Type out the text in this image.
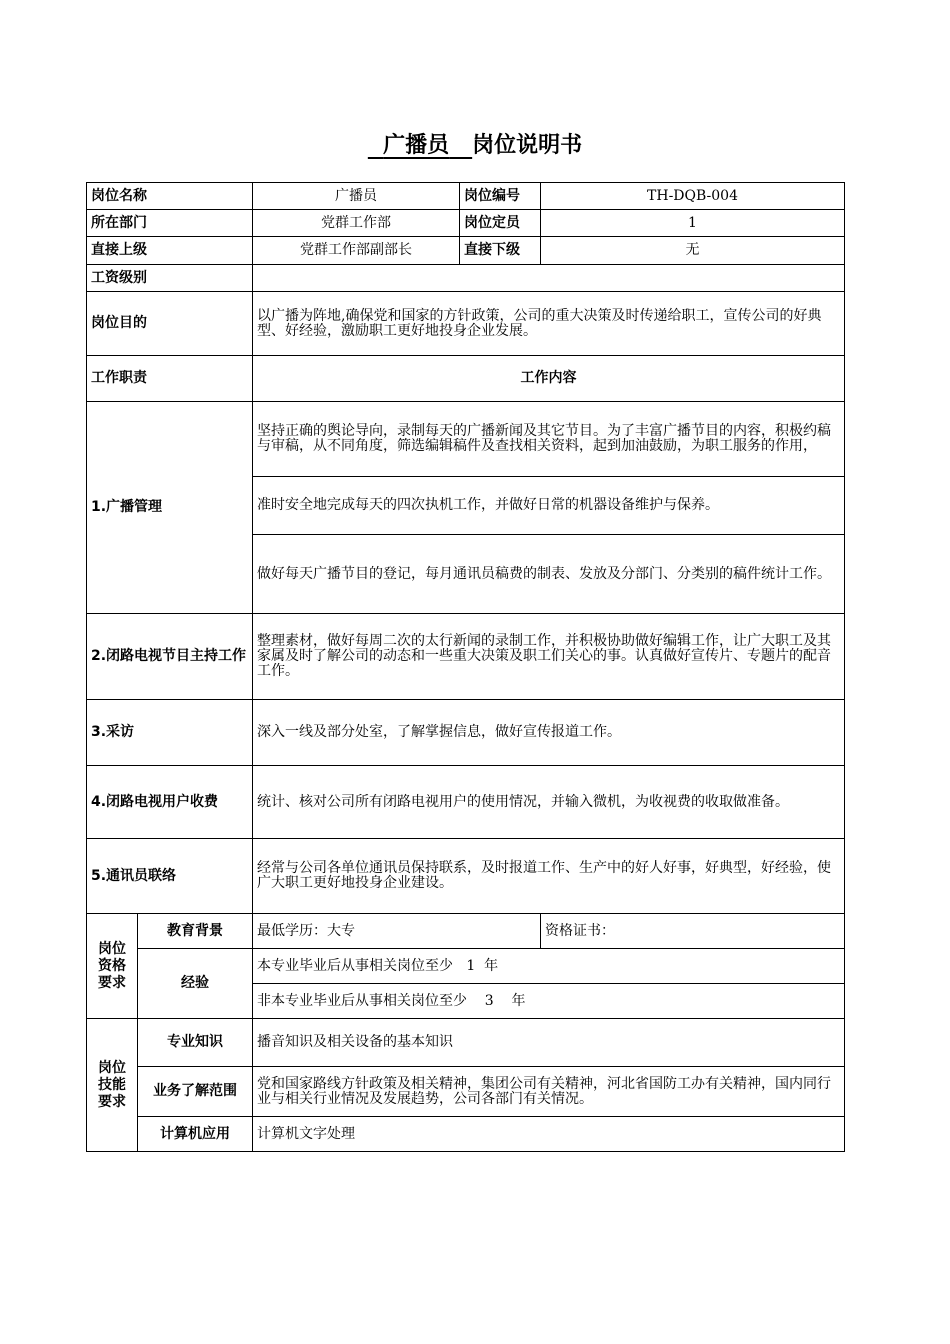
广播员 岗位说明书
岗位名称		广播员	岗位编号	TH-DQB-004
所在部门		党群工作部	岗位定员	1
直接上级		党群工作部副部长	直接下级	无
工资级别				
岗位目的		以广播为阵地,确保党和国家的方针政策，公司的重大决策及时传递给职工，宣传公司的好典型、好经验，激励职工更好地投身企业发展。		
工作职责		工作内容		
1.广播管理		坚持正确的舆论导向，录制每天的广播新闻及其它节目。为了丰富广播节目的内容，积极约稿与审稿，从不同角度，筛选编辑稿件及查找相关资料，起到加油鼓励，为职工服务的作用，		
		准时安全地完成每天的四次执机工作，并做好日常的机器设备维护与保养。		
		做好每天广播节目的登记，每月通讯员稿费的制表、发放及分部门、分类别的稿件统计工作。		
2.闭路电视节目主持工作		整理素材，做好每周二次的太行新闻的录制工作，并积极协助做好编辑工作，让广大职工及其家属及时了解公司的动态和一些重大决策及职工们关心的事。认真做好宣传片、专题片的配音工作。		
3.采访		深入一线及部分处室，了解掌握信息，做好宣传报道工作。		
4.闭路电视用户收费		统计、核对公司所有闭路电视用户的使用情况，并输入微机，为收视费的收取做准备。		
5.通讯员联络		经常与公司各单位通讯员保持联系，及时报道工作、生产中的好人好事，好典型，好经验，使广大职工更好地投身企业建设。		

岗位资格要求	教育背景	最低学历：大专		资格证书：
	经验	本专业毕业后从事相关岗位至少   1  年		
		非本专业毕业后从事相关岗位至少    3    年		

岗位技能要求	专业知识	播音知识及相关设备的基本知识		
	业务了解范围	党和国家路线方针政策及相关精神，集团公司有关精神，河北省国防工办有关精神，国内同行业与相关行业情况及发展趋势，公司各部门有关情况。		
	计算机应用	计算机文字处理		
